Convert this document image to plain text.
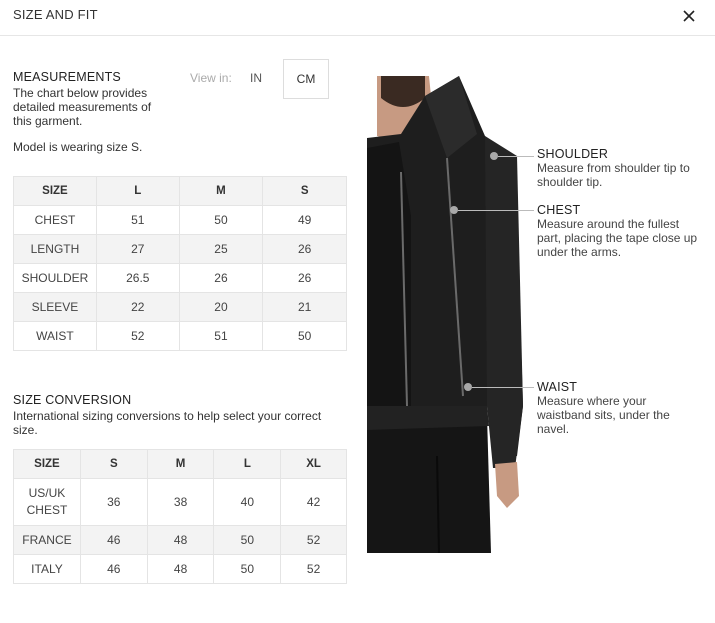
SIZE AND FIT
MEASUREMENTS
The chart below provides
detailed measurements of
this garment.
Model is wearing size S.
View in: IN	CM
SIZE	L	M	S
CHEST	51	50	49
LENGTH	27	25	26
SHOULDER	26.5	26	26
SLEEVE	22	20	21
WAIST	52	51	50
SIZE CONVERSION
International sizing conversions to help select your correct
size.
SIZE	S	M	L	XL

US/UK
CHEST	36	38	40	42
FRANCE	46	48	50	52
ITALY	46	48	50	52
SHOULDER
Measure from shoulder tip to
shoulder tip.
CHEST
Measure around the fullest
part, placing the tape close up
under the arms.
WAIST
Measure where your
waistband sits, under the
navel.
